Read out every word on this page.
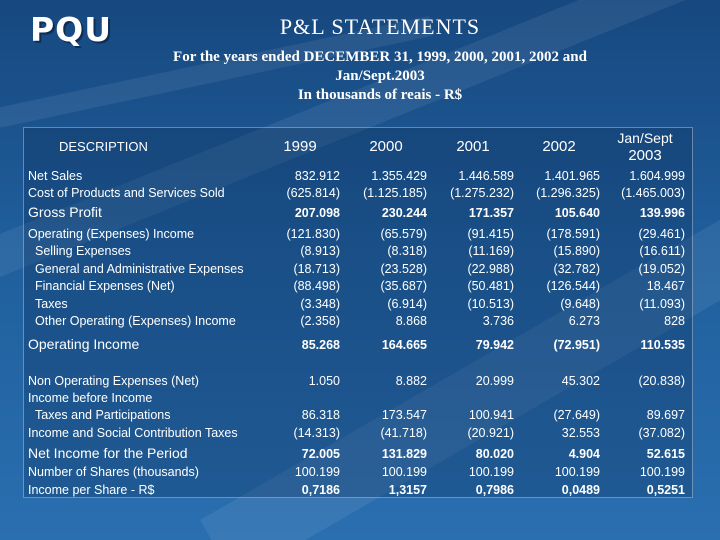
PQU	P&L STATEMENTS
For the years ended DECEMBER 31, 1999, 2000, 2001, 2002 and
Jan/Sept.2003
In thousands of reais - R$
DESCRIPTION	1999	2000	2001	2002	Jan/Sept
2003
Net Sales	832.912	1.355.429	1.446.589	1.401.965	1.604.999
Cost of Products and Services Sold	(625.814)	(1.125.185)	(1.275.232)	(1.296.325)	(1.465.003)
Gross Profit	207.098	230.244	171.357	105.640	139.996
Operating (Expenses) Income	(121.830)	(65.579)	(91.415)	(178.591)	(29.461)
Selling Expenses	(8.913)	(8.318)	(11.169)	(15.890)	(16.611)
General and Administrative Expenses	(18.713)	(23.528)	(22.988)	(32.782)	(19.052)
Financial Expenses (Net)	(88.498)	(35.687)	(50.481)	(126.544)	18.467
Taxes	(3.348)	(6.914)	(10.513)	(9.648)	(11.093)
Other Operating (Expenses) Income	(2.358)	8.868	3.736	6.273	828
Operating Income	85.268	164.665	79.942	(72.951)	110.535
Non Operating Expenses (Net)	1.050	8.882	20.999	45.302	(20.838)
Income before Income
Taxes and Participations	86.318	173.547	100.941	(27.649)	89.697
Income and Social Contribution Taxes	(14.313)	(41.718)	(20.921)	32.553	(37.082)
Net Income for the Period	72.005	131.829	80.020	4.904	52.615
Number of Shares (thousands)	100.199	100.199	100.199	100.199	100.199
Income per Share - R$	0,7186	1,3157	0,7986	0,0489	0,5251
